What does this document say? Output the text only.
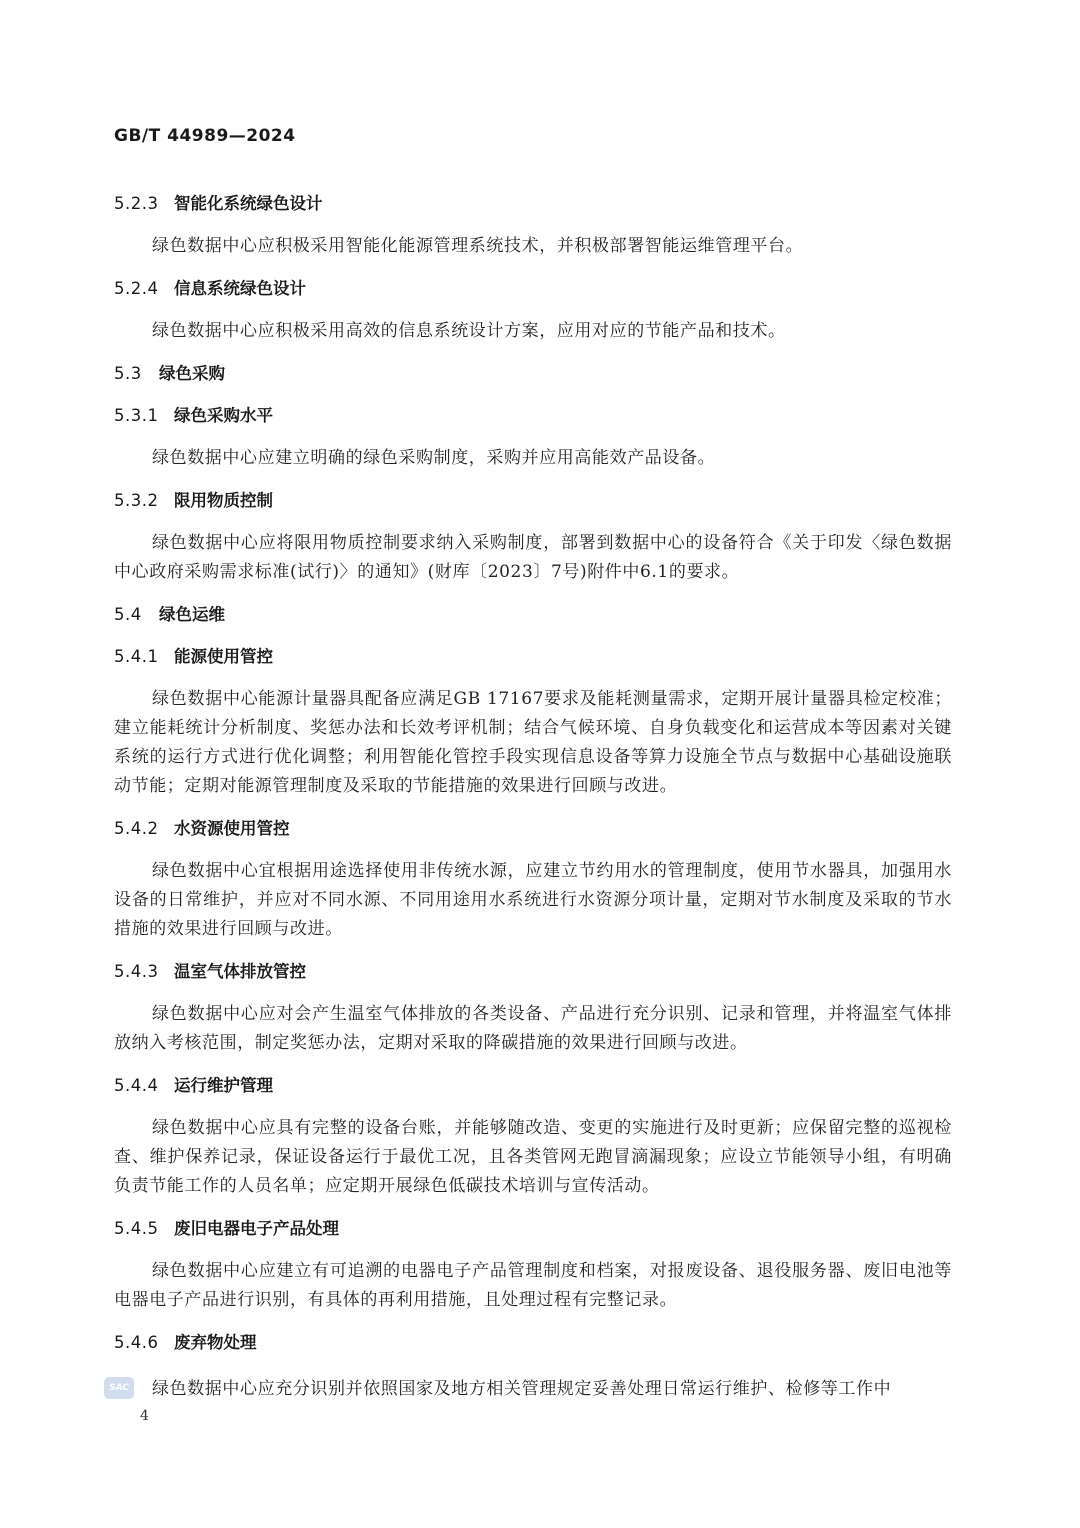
GB/T 44989—2024
5.2.3 智能化系统绿色设计

绿色数据中心应积极采用智能化能源管理系统技术，并积极部署智能运维管理平台。

5.2.4 信息系统绿色设计

绿色数据中心应积极采用高效的信息系统设计方案，应用对应的节能产品和技术。

5.3 绿色采购
5.3.1 绿色采购水平

绿色数据中心应建立明确的绿色采购制度，采购并应用高能效产品设备。

5.3.2 限用物质控制

绿色数据中心应将限用物质控制要求纳入采购制度，部署到数据中心的设备符合《关于印发〈绿色数据中心政府采购需求标准(试行)〉的通知》(财库〔2023〕7号)附件中6.1的要求。

5.4 绿色运维
5.4.1 能源使用管控

绿色数据中心能源计量器具配备应满足GB 17167要求及能耗测量需求，定期开展计量器具检定校准；建立能耗统计分析制度、奖惩办法和长效考评机制；结合气候环境、自身负载变化和运营成本等因素对关键系统的运行方式进行优化调整；利用智能化管控手段实现信息设备等算力设施全节点与数据中心基础设施联动节能；定期对能源管理制度及采取的节能措施的效果进行回顾与改进。

5.4.2 水资源使用管控

绿色数据中心宜根据用途选择使用非传统水源，应建立节约用水的管理制度，使用节水器具，加强用水设备的日常维护，并应对不同水源、不同用途用水系统进行水资源分项计量，定期对节水制度及采取的节水措施的效果进行回顾与改进。

5.4.3 温室气体排放管控

绿色数据中心应对会产生温室气体排放的各类设备、产品进行充分识别、记录和管理，并将温室气体排放纳入考核范围，制定奖惩办法，定期对采取的降碳措施的效果进行回顾与改进。

5.4.4 运行维护管理

绿色数据中心应具有完整的设备台账，并能够随改造、变更的实施进行及时更新；应保留完整的巡视检查、维护保养记录，保证设备运行于最优工况，且各类管网无跑冒滴漏现象；应设立节能领导小组，有明确负责节能工作的人员名单；应定期开展绿色低碳技术培训与宣传活动。

5.4.5 废旧电器电子产品处理

绿色数据中心应建立有可追溯的电器电子产品管理制度和档案，对报废设备、退役服务器、废旧电池等电器电子产品进行识别，有具体的再利用措施，且处理过程有完整记录。

5.4.6 废弃物处理

绿色数据中心应充分识别并依照国家及地方相关管理规定妥善处理日常运行维护、检修等工作中

SAC
4
